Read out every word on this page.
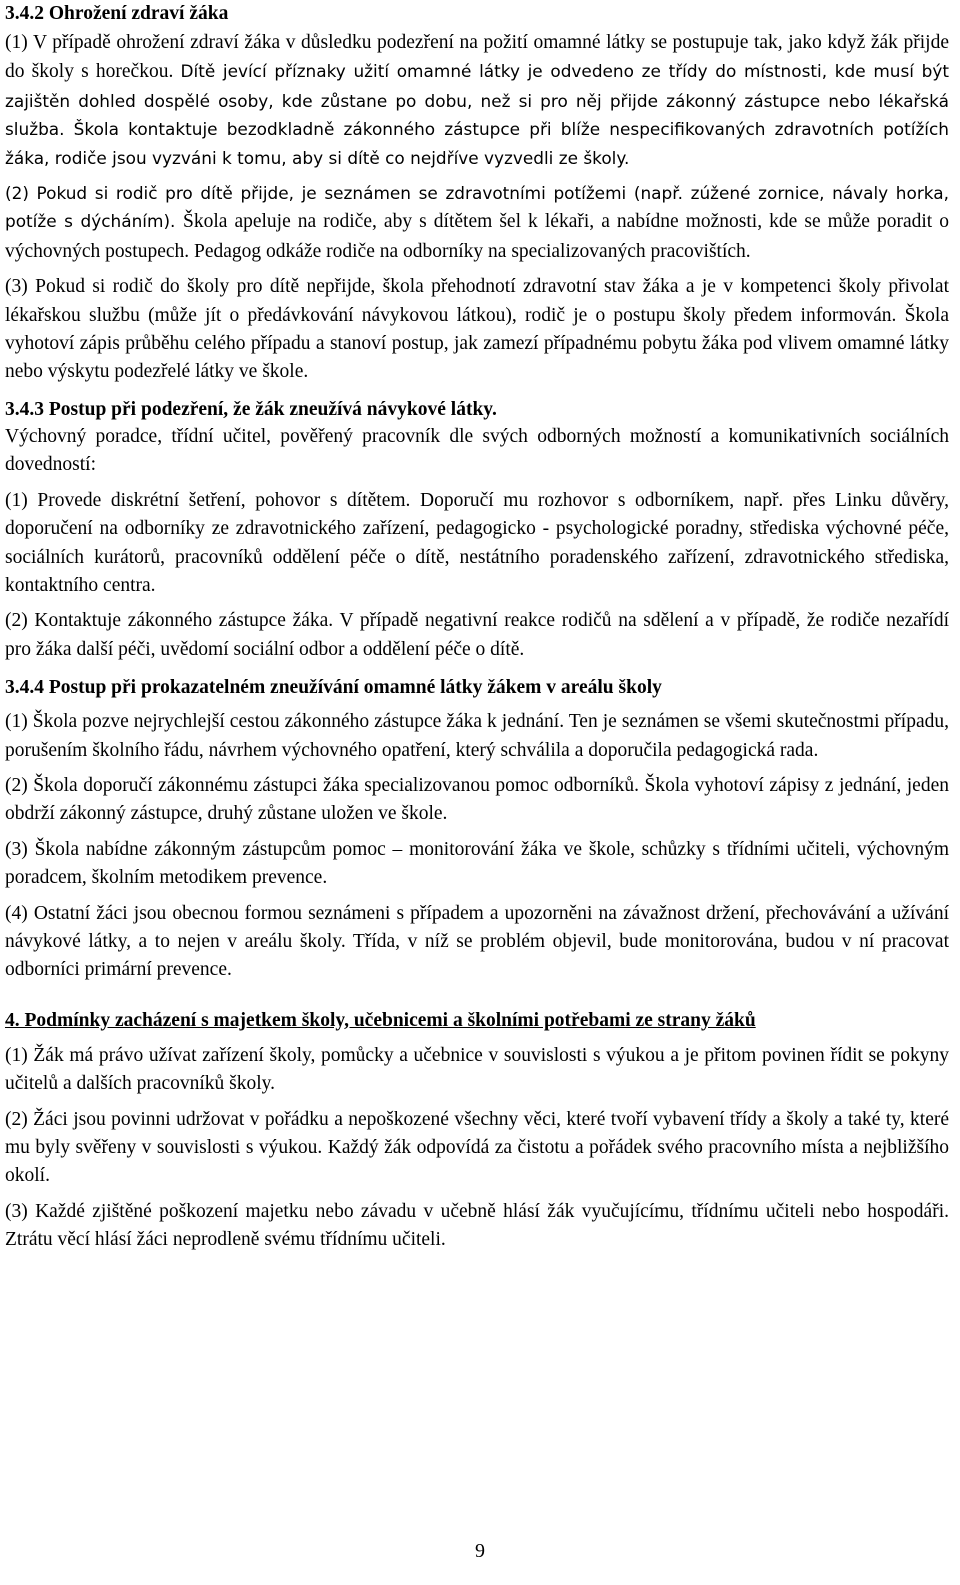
3.4.2 Ohrožení zdraví žáka

(1) V případě ohrožení zdraví žáka v důsledku podezření na požití omamné látky se postupuje tak, jako když žák přijde do školy s horečkou. Dítě jevící příznaky užití omamné látky je odvedeno ze třídy do místnosti, kde musí být zajištěn dohled dospělé osoby, kde zůstane po dobu, než si pro něj přijde zákonný zástupce nebo lékařská služba. Škola kontaktuje bezodkladně zákonného zástupce při blíže nespecifikovaných zdravotních potížích žáka, rodiče jsou vyzváni k tomu, aby si dítě co nejdříve vyzvedli ze školy.

(2) Pokud si rodič pro dítě přijde, je seznámen se zdravotními potížemi (např. zúžené zornice, návaly horka, potíže s dýcháním). Škola apeluje na rodiče, aby s dítětem šel k lékaři, a nabídne možnosti, kde se může poradit o výchovných postupech. Pedagog odkáže rodiče na odborníky na specializovaných pracovištích.

(3) Pokud si rodič do školy pro dítě nepřijde, škola přehodnotí zdravotní stav žáka a je v kompetenci školy přivolat lékařskou službu (může jít o předávkování návykovou látkou), rodič je o postupu školy předem informován. Škola vyhotoví zápis průběhu celého případu a stanoví postup, jak zamezí případnému pobytu žáka pod vlivem omamné látky nebo výskytu podezřelé látky ve škole.

3.4.3 Postup při podezření, že žák zneužívá návykové látky.

Výchovný poradce, třídní učitel, pověřený pracovník dle svých odborných možností a komunikativních sociálních dovedností:

(1) Provede diskrétní šetření, pohovor s dítětem. Doporučí mu rozhovor s odborníkem, např. přes Linku důvěry, doporučení na odborníky ze zdravotnického zařízení, pedagogicko - psychologické poradny, střediska výchovné péče, sociálních kurátorů, pracovníků oddělení péče o dítě, nestátního poradenského zařízení, zdravotnického střediska, kontaktního centra.

(2) Kontaktuje zákonného zástupce žáka. V případě negativní reakce rodičů na sdělení a v případě, že rodiče nezařídí pro žáka další péči, uvědomí sociální odbor a oddělení péče o dítě.

3.4.4 Postup při prokazatelném zneužívání omamné látky žákem v areálu školy

(1) Škola pozve nejrychlejší cestou zákonného zástupce žáka k jednání. Ten je seznámen se všemi skutečnostmi případu, porušením školního řádu, návrhem výchovného opatření, který schválila a doporučila pedagogická rada.

(2) Škola doporučí zákonnému zástupci žáka specializovanou pomoc odborníků. Škola vyhotoví zápisy z jednání, jeden obdrží zákonný zástupce, druhý zůstane uložen ve škole.

(3) Škola nabídne zákonným zástupcům pomoc – monitorování žáka ve škole, schůzky s třídními učiteli, výchovným poradcem, školním metodikem prevence.

(4) Ostatní žáci jsou obecnou formou seznámeni s případem a upozorněni na závažnost držení, přechovávání a užívání návykové látky, a to nejen v areálu školy. Třída, v níž se problém objevil, bude monitorována, budou v ní pracovat odborníci primární prevence.

4. Podmínky zacházení s majetkem školy, učebnicemi a školními potřebami ze strany žáků

(1) Žák má právo užívat zařízení školy, pomůcky a učebnice v souvislosti s výukou a je přitom povinen řídit se pokyny učitelů a dalších pracovníků školy.

(2) Žáci jsou povinni udržovat v pořádku a nepoškozené všechny věci, které tvoří vybavení třídy a školy a také ty, které mu byly svěřeny v souvislosti s výukou. Každý žák odpovídá za čistotu a pořádek svého pracovního místa a nejbližšího okolí.

(3) Každé zjištěné poškození majetku nebo závadu v učebně hlásí žák vyučujícímu, třídnímu učiteli nebo hospodáři. Ztrátu věcí hlásí žáci neprodleně svému třídnímu učiteli.

9
